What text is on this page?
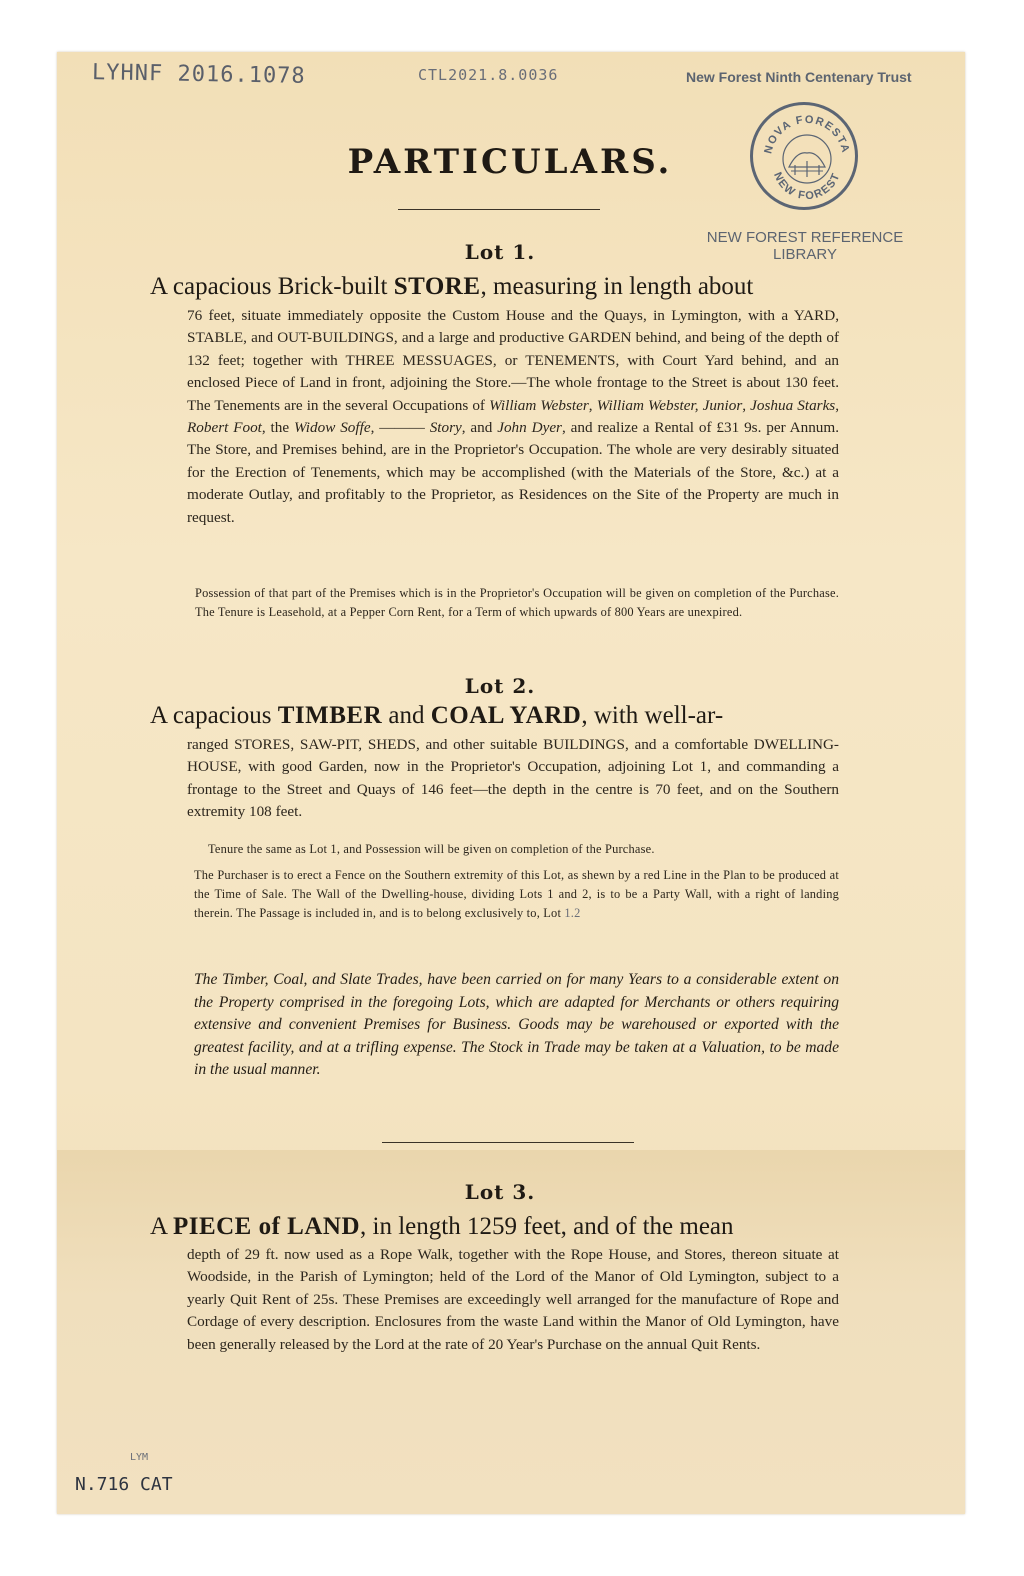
LYHNF 2016.1078	CTL2021.8.0036	New Forest Ninth Centenary Trust
NOVA FORESTA
NEW FOREST
NEW FOREST REFERENCE
LIBRARY
PARTICULARS.
Lot 1.
A capacious Brick-built STORE, measuring in length about
76 feet, situate immediately opposite the Custom House and the Quays, in Lymington, with a YARD, STABLE, and OUT-BUILDINGS, and a large and productive GARDEN behind, and being of the depth of 132 feet; together with THREE MESSUAGES, or TENEMENTS, with Court Yard behind, and an enclosed Piece of Land in front, adjoining the Store.—The whole frontage to the Street is about 130 feet. The Tenements are in the several Occupations of William Webster, William Webster, Junior, Joshua Starks, Robert Foot, the Widow Soffe, ——— Story, and John Dyer, and realize a Rental of £31 9s. per Annum. The Store, and Premises behind, are in the Proprietor's Occupation. The whole are very desirably situated for the Erection of Tenements, which may be accomplished (with the Materials of the Store, &c.) at a moderate Outlay, and profitably to the Proprietor, as Residences on the Site of the Property are much in request.
Possession of that part of the Premises which is in the Proprietor's Occupation will be given on completion of the Purchase. The Tenure is Leasehold, at a Pepper Corn Rent, for a Term of which upwards of 800 Years are unexpired.
Lot 2.
A capacious TIMBER and COAL YARD, with well-ar-
ranged STORES, SAW-PIT, SHEDS, and other suitable BUILDINGS, and a comfortable DWELLING-HOUSE, with good Garden, now in the Proprietor's Occupation, adjoining Lot 1, and commanding a frontage to the Street and Quays of 146 feet—the depth in the centre is 70 feet, and on the Southern extremity 108 feet.
Tenure the same as Lot 1, and Possession will be given on completion of the Purchase.
The Purchaser is to erect a Fence on the Southern extremity of this Lot, as shewn by a red Line in the Plan to be produced at the Time of Sale. The Wall of the Dwelling-house, dividing Lots 1 and 2, is to be a Party Wall, with a right of landing therein. The Passage is included in, and is to belong exclusively to, Lot 1.2
The Timber, Coal, and Slate Trades, have been carried on for many Years to a considerable extent on the Property comprised in the foregoing Lots, which are adapted for Merchants or others requiring extensive and convenient Premises for Business. Goods may be warehoused or exported with the greatest facility, and at a trifling expense. The Stock in Trade may be taken at a Valuation, to be made in the usual manner.
Lot 3.
A PIECE of LAND, in length 1259 feet, and of the mean
depth of 29 ft. now used as a Rope Walk, together with the Rope House, and Stores, thereon situate at Woodside, in the Parish of Lymington; held of the Lord of the Manor of Old Lymington, subject to a yearly Quit Rent of 25s. These Premises are exceedingly well arranged for the manufacture of Rope and Cordage of every description. Enclosures from the waste Land within the Manor of Old Lymington, have been generally released by the Lord at the rate of 20 Year's Purchase on the annual Quit Rents.
LYM
N.716 CAT
